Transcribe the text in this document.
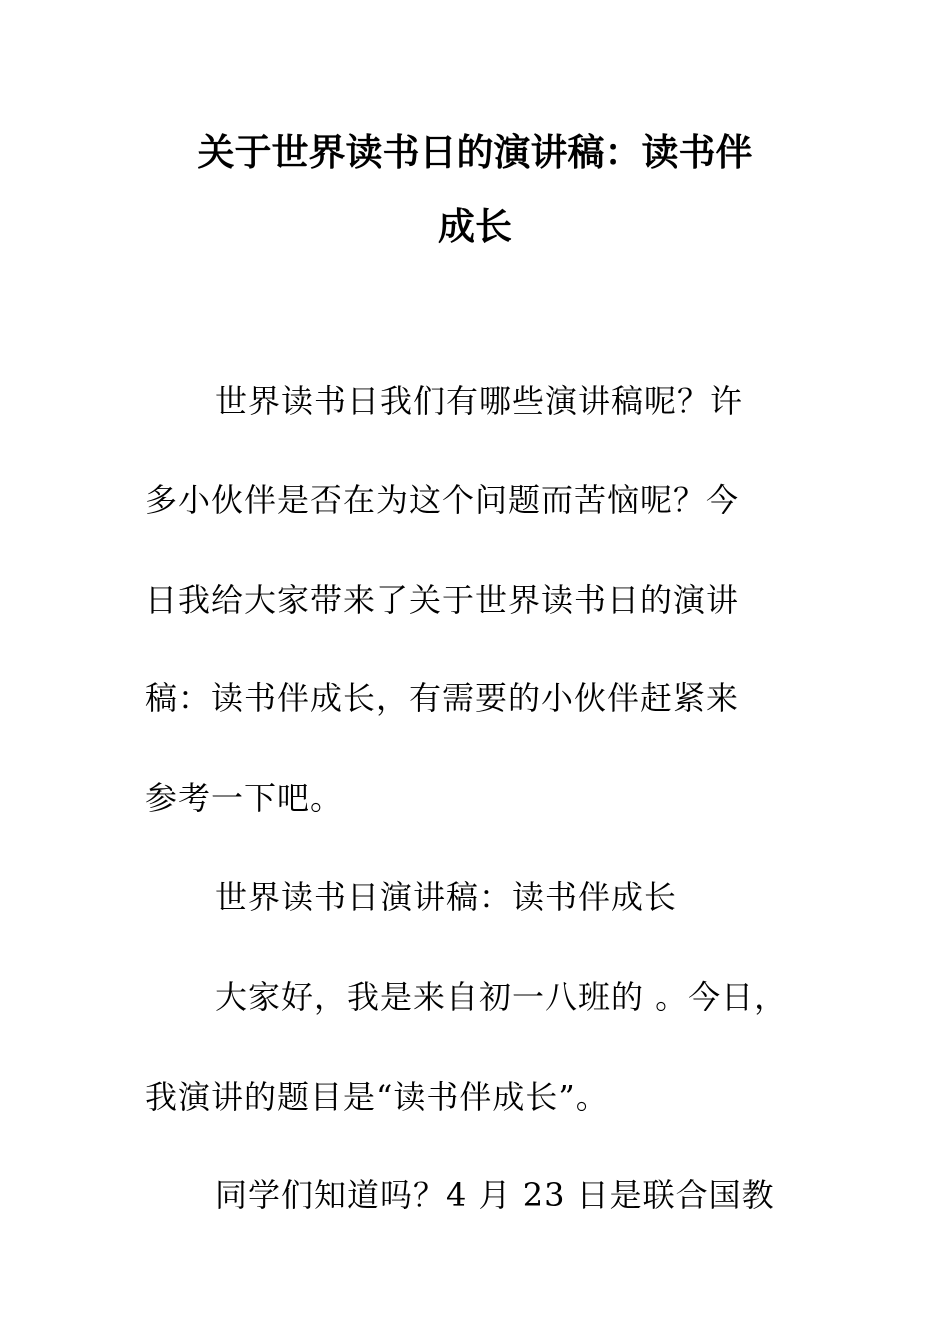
关于世界读书日的演讲稿：读书伴
成长
世界读书日我们有哪些演讲稿呢？许
多小伙伴是否在为这个问题而苦恼呢？今
日我给大家带来了关于世界读书日的演讲
稿：读书伴成长，有需要的小伙伴赶紧来
参考一下吧。
世界读书日演讲稿：读书伴成长
大家好，我是来自初一八班的 。今日，
我演讲的题目是“读书伴成长”。
同学们知道吗？4 月 23 日是联合国教
